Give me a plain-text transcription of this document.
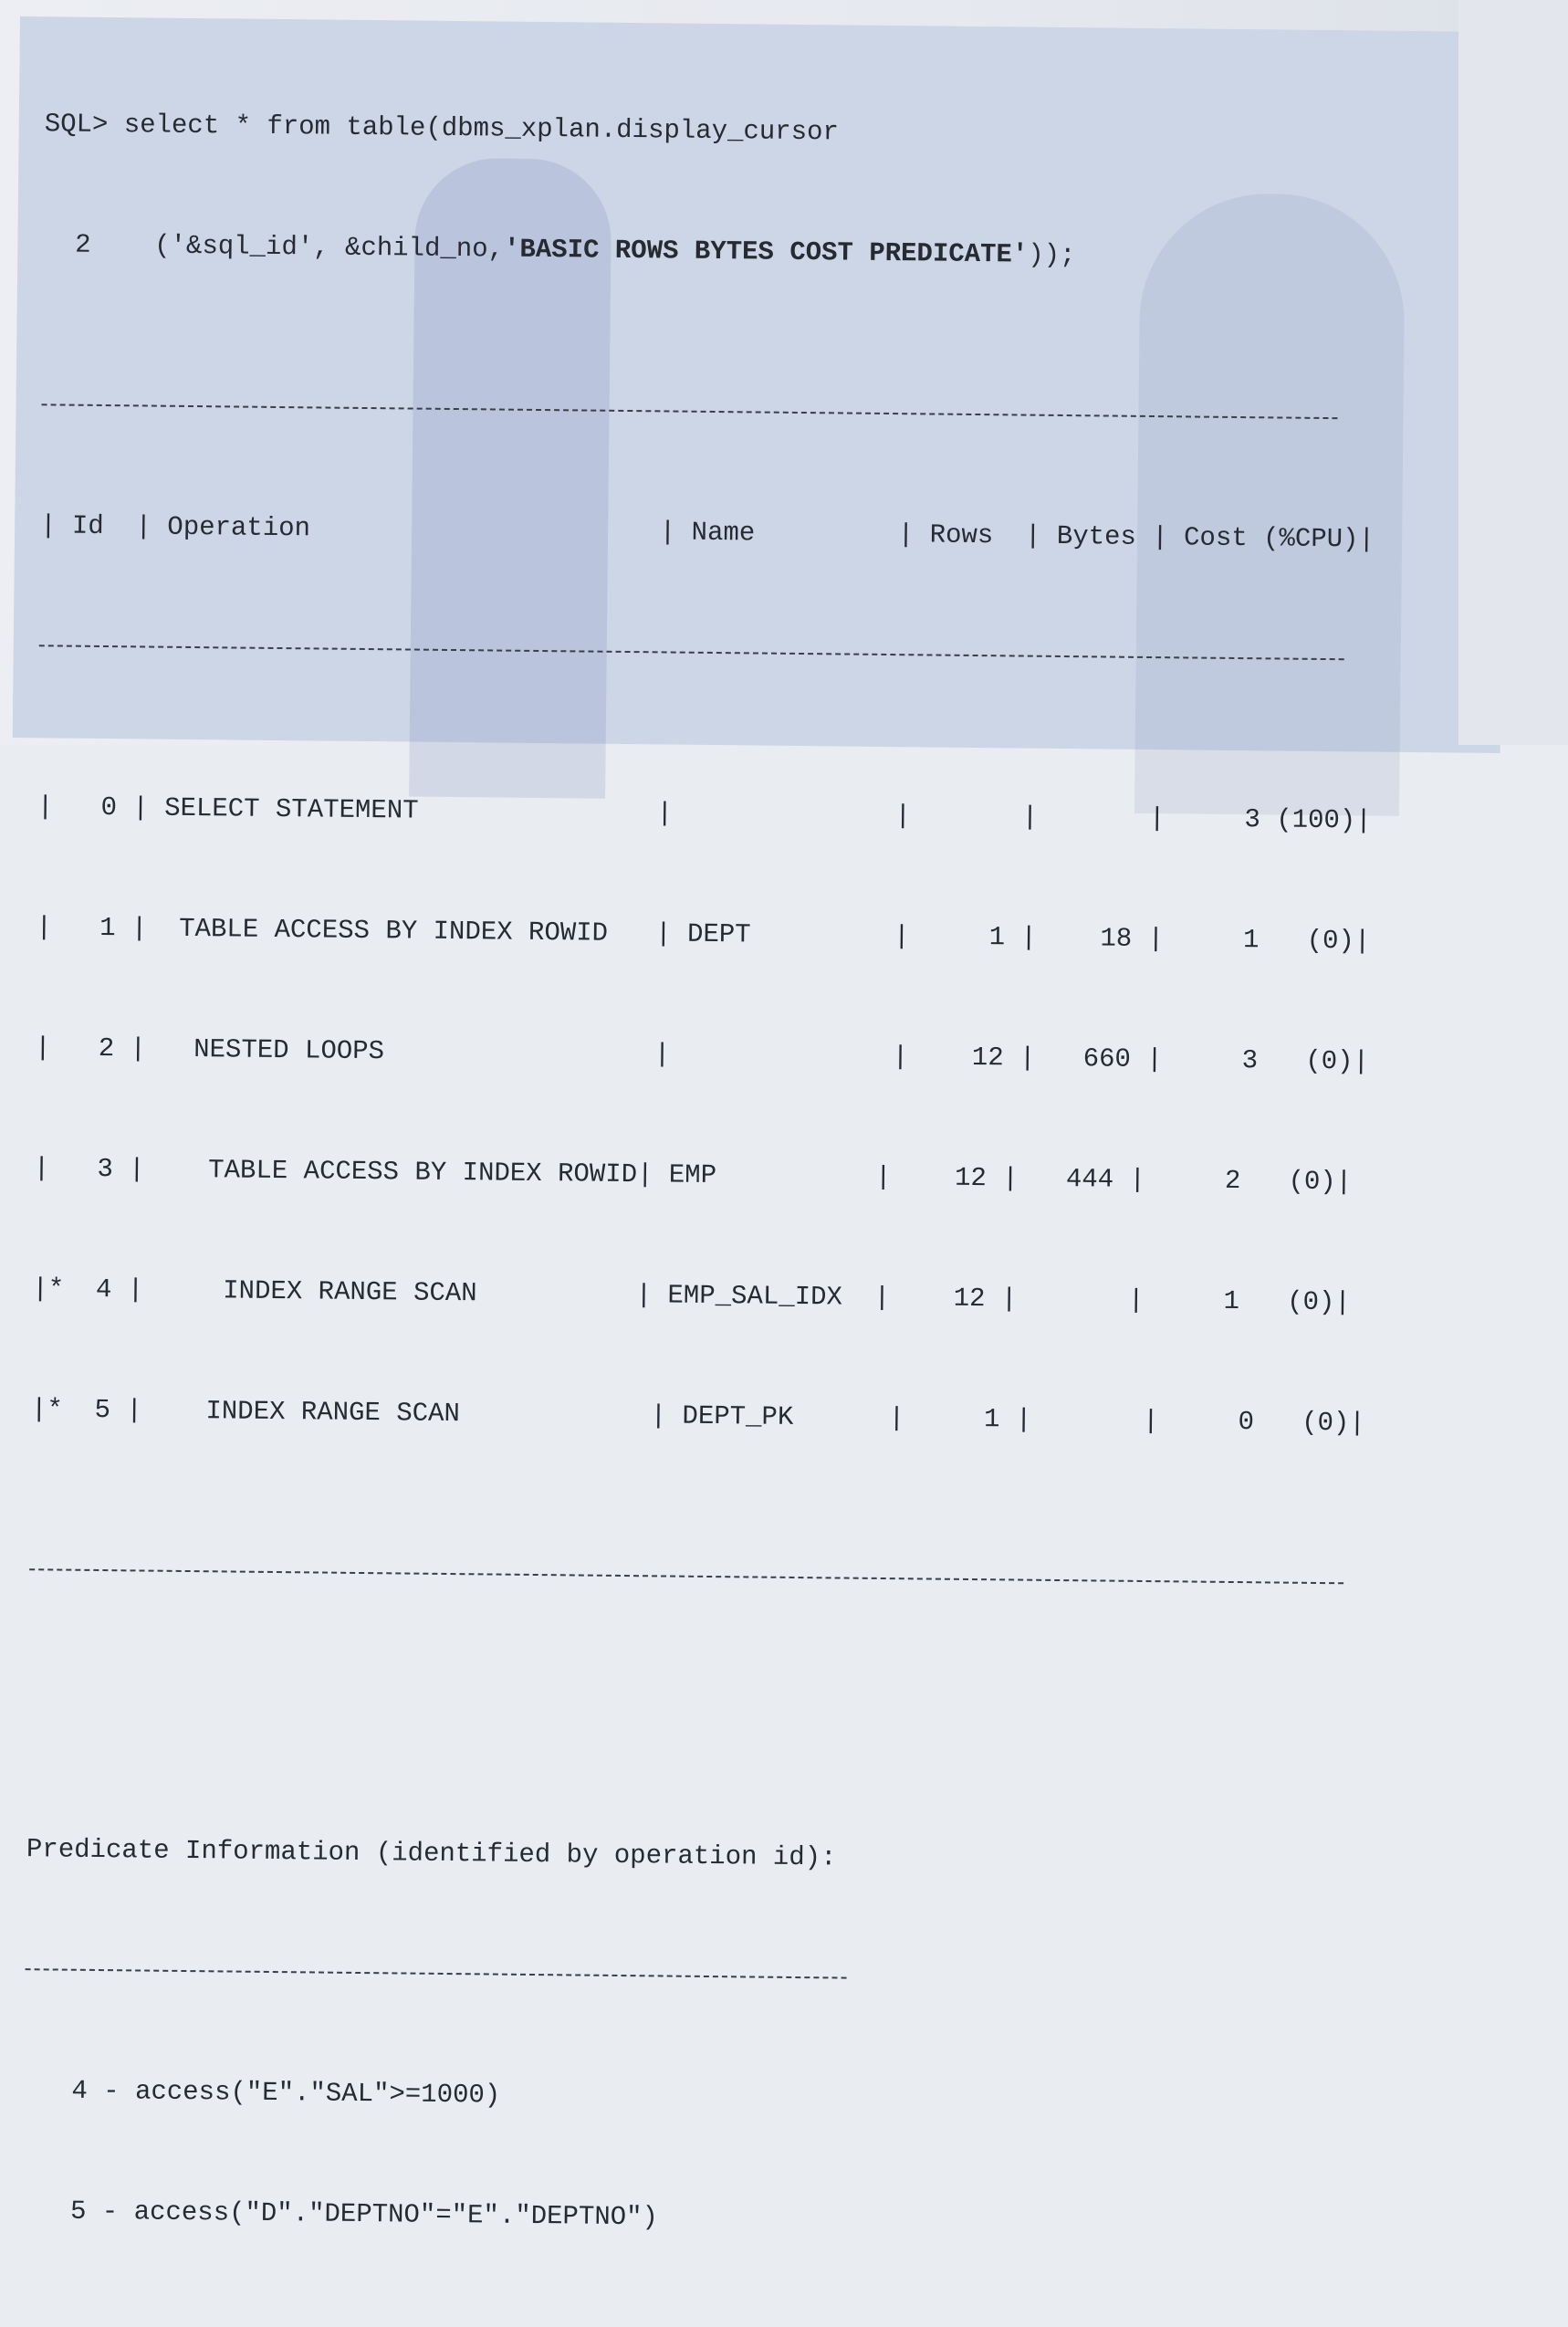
SQL> select * from table(dbms_xplan.display_cursor

2    ('&sql_id', &child_no,'BASIC ROWS BYTES COST PREDICATE'));

| Id  | Operation                      | Name         | Rows  | Bytes | Cost (%CPU)|

|   0 | SELECT STATEMENT               |              |       |       |     3 (100)|

|   1 |  TABLE ACCESS BY INDEX ROWID   | DEPT         |     1 |    18 |     1   (0)|

|   2 |   NESTED LOOPS                 |              |    12 |   660 |     3   (0)|

|   3 |    TABLE ACCESS BY INDEX ROWID| EMP          |    12 |   444 |     2   (0)|

|*  4 |     INDEX RANGE SCAN          | EMP_SAL_IDX  |    12 |       |     1   (0)|

|*  5 |    INDEX RANGE SCAN            | DEPT_PK      |     1 |       |     0   (0)|

Predicate Information (identified by operation id):

4 - access("E"."SAL">=1000)

5 - access("D"."DEPTNO"="E"."DEPTNO")
